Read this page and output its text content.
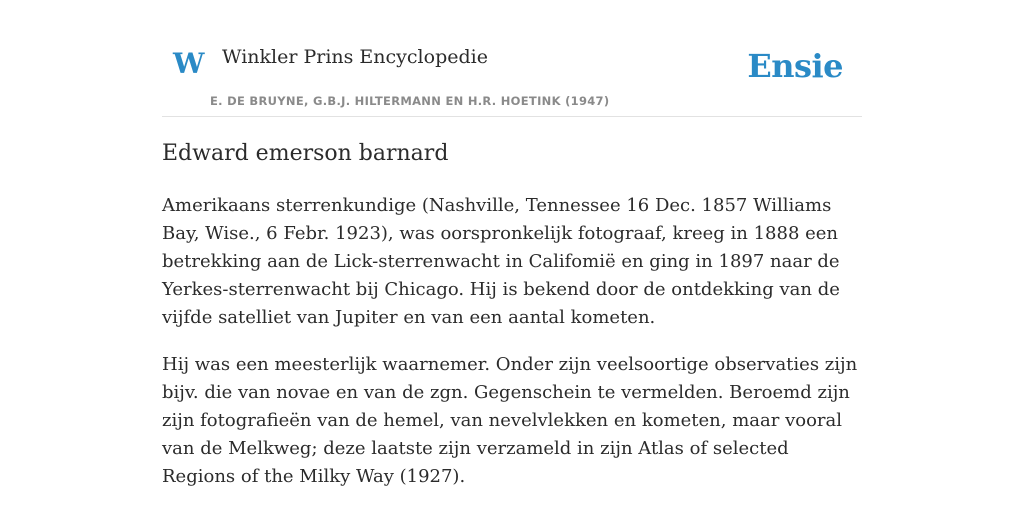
W Winkler Prins Encyclopedie
E. DE BRUYNE, G.B.J. HILTERMANN EN H.R. HOETINK (1947)
Ensie
Edward emerson barnard

Amerikaans sterrenkundige (Nashville, Tennessee 16 Dec. 1857 Williams Bay, Wise., 6 Febr. 1923), was oorspronkelijk fotograaf, kreeg in 1888 een betrekking aan de Lick-sterrenwacht in Califomië en ging in 1897 naar de Yerkes-sterrenwacht bij Chicago. Hij is bekend door de ontdekking van de vijfde satelliet van Jupiter en van een aantal kometen.

Hij was een meesterlijk waarnemer. Onder zijn veelsoortige observaties zijn bijv. die van novae en van de zgn. Gegenschein te vermelden. Beroemd zijn zijn fotografieën van de hemel, van nevelvlekken en kometen, maar vooral van de Melkweg; deze laatste zijn verzameld in zijn Atlas of selected Regions of the Milky Way (1927).
